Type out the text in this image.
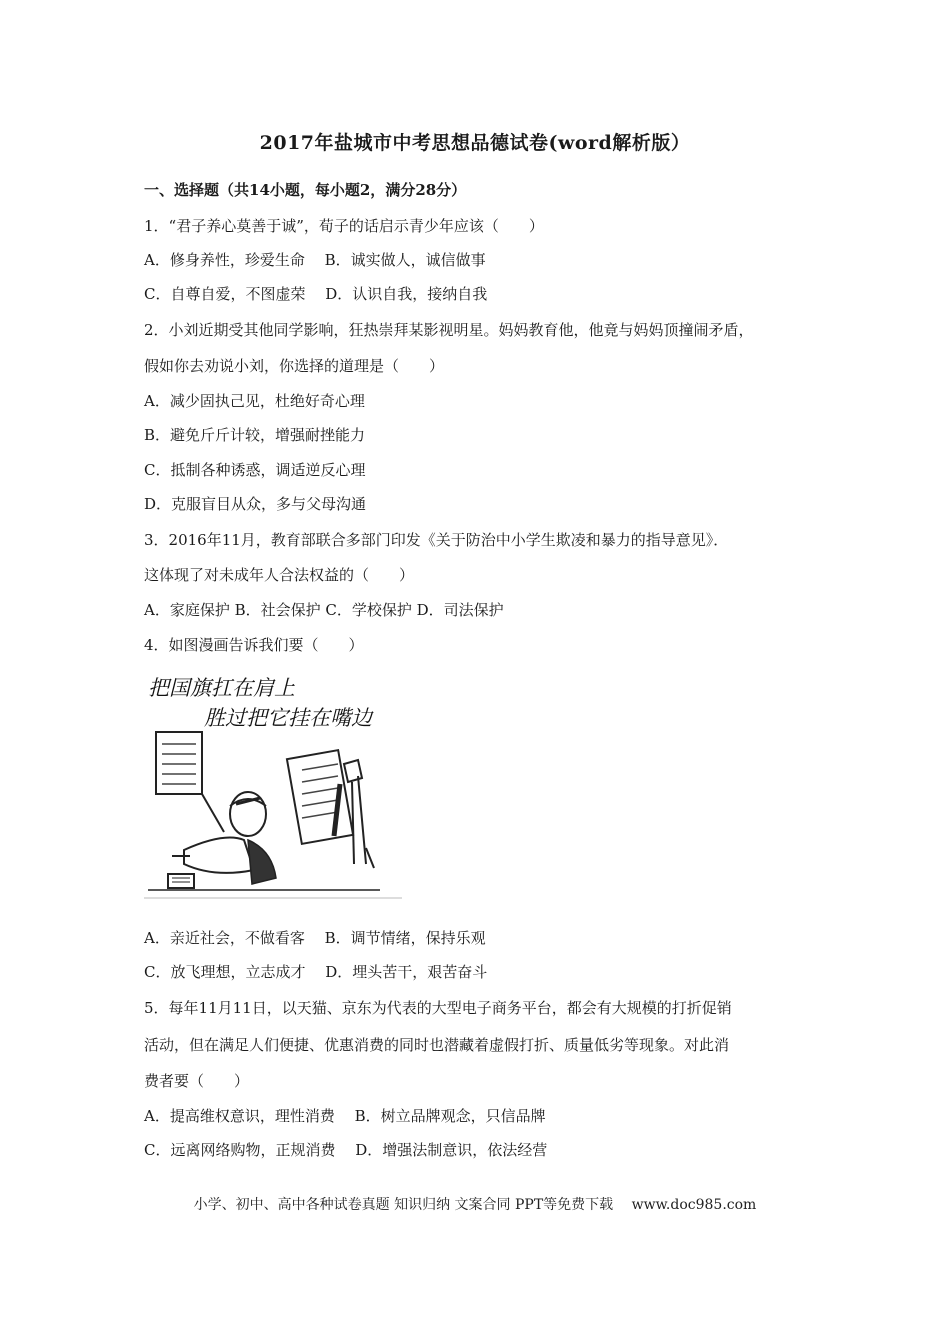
2017年盐城市中考思想品德试卷(word解析版）
一、选择题（共14小题，每小题2，满分28分）
1．“君子养心莫善于诚”，荀子的话启示青少年应该（　　）
A．修身养性，珍爱生命　 B．诚实做人，诚信做事
C．自尊自爱，不图虚荣　 D．认识自我，接纳自我
2．小刘近期受其他同学影响，狂热崇拜某影视明星。妈妈教育他，他竟与妈妈顶撞闹矛盾，
假如你去劝说小刘，你选择的道理是（　　）
A．减少固执己见，杜绝好奇心理
B．避免斤斤计较，增强耐挫能力
C．抵制各种诱惑，调适逆反心理
D．克服盲目从众，多与父母沟通
3．2016年11月，教育部联合多部门印发《关于防治中小学生欺凌和暴力的指导意见》．
这体现了对未成年人合法权益的（　　）
A．家庭保护 B．社会保护 C．学校保护 D．司法保护
4．如图漫画告诉我们要（　　）
把国旗扛在肩上
胜过把它挂在嘴边
A．亲近社会，不做看客　 B．调节情绪，保持乐观
C．放飞理想，立志成才　 D．埋头苦干，艰苦奋斗
5．每年11月11日，以天猫、京东为代表的大型电子商务平台，都会有大规模的打折促销
活动，但在满足人们便捷、优惠消费的同时也潜藏着虚假打折、质量低劣等现象。对此消
费者要（　　）
A．提高维权意识，理性消费　 B．树立品牌观念，只信品牌
C．远离网络购物，正规消费　 D．增强法制意识，依法经营
小学、初中、高中各种试卷真题 知识归纳 文案合同 PPT等免费下载　 www.doc985.com
